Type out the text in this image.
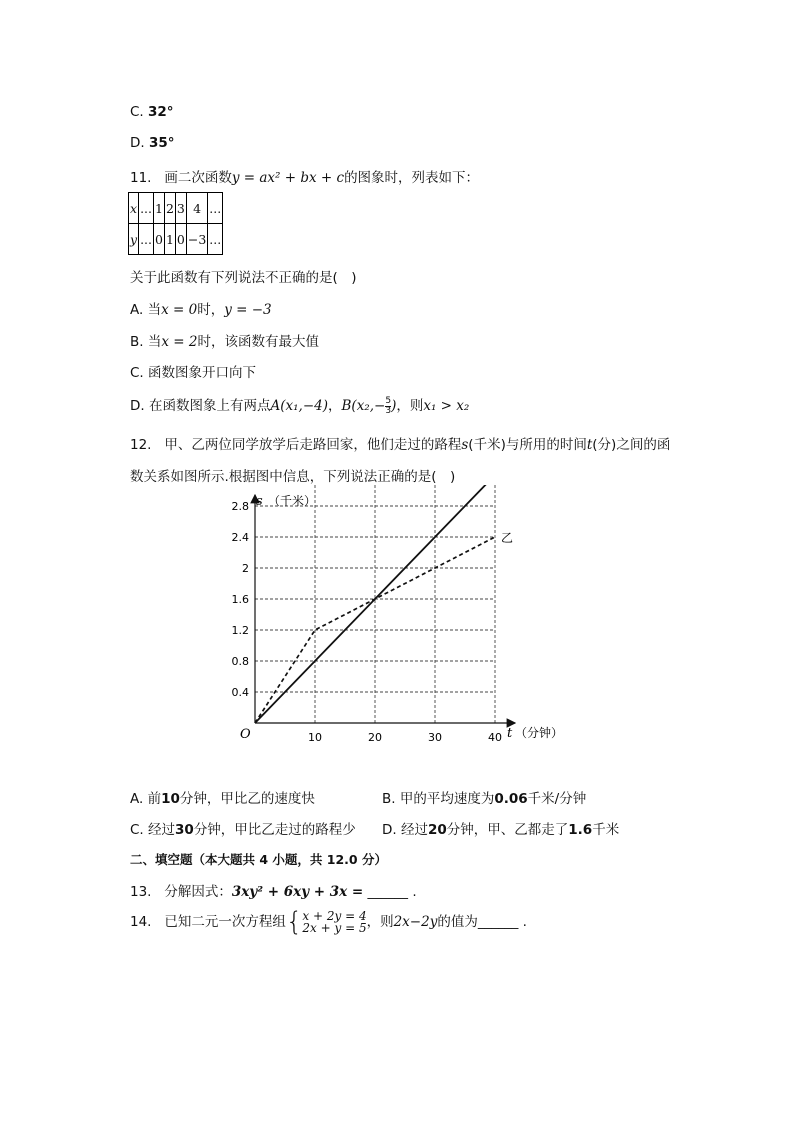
C. 32°
D. 35°
11. 画二次函数y = ax² + bx + c的图象时，列表如下：
x	...	1	2	3	4	...
y	...	0	1	0	−3	...
关于此函数有下列说法不正确的是(　)
A. 当x = 0时，y = −3
B. 当x = 2时，该函数有最大值
C. 函数图象开口向下
D. 在函数图象上有两点A(x₁,−4)，$B(x_2,- \frac{5}{3}$ )，则x₁ > x₂
12. 甲、乙两位同学放学后走路回家，他们走过的路程s(千米)与所用的时间t(分)之间的函
数关系如图所示.根据图中信息，下列说法正确的是(　)
0.4
0.8
1.2
1.6
2
2.4
2.8
10	20	30	40
乙
s （千米）
t （分钟）
O
A. 前10分钟，甲比乙的速度快	B. 甲的平均速度为0.06千米/分钟
C. 经过30分钟，甲比乙走过的路程少 D. 经过20分钟，甲、乙都走了1.6千米
二、填空题（本大题共 4 小题，共 12.0 分）
13. 分解因式：3xy² + 6xy + 3x = ______ .
14. 已知二元一次方程组{ x + 2y = 4
2x + y = 5 ，则2x−2y的值为______ .
